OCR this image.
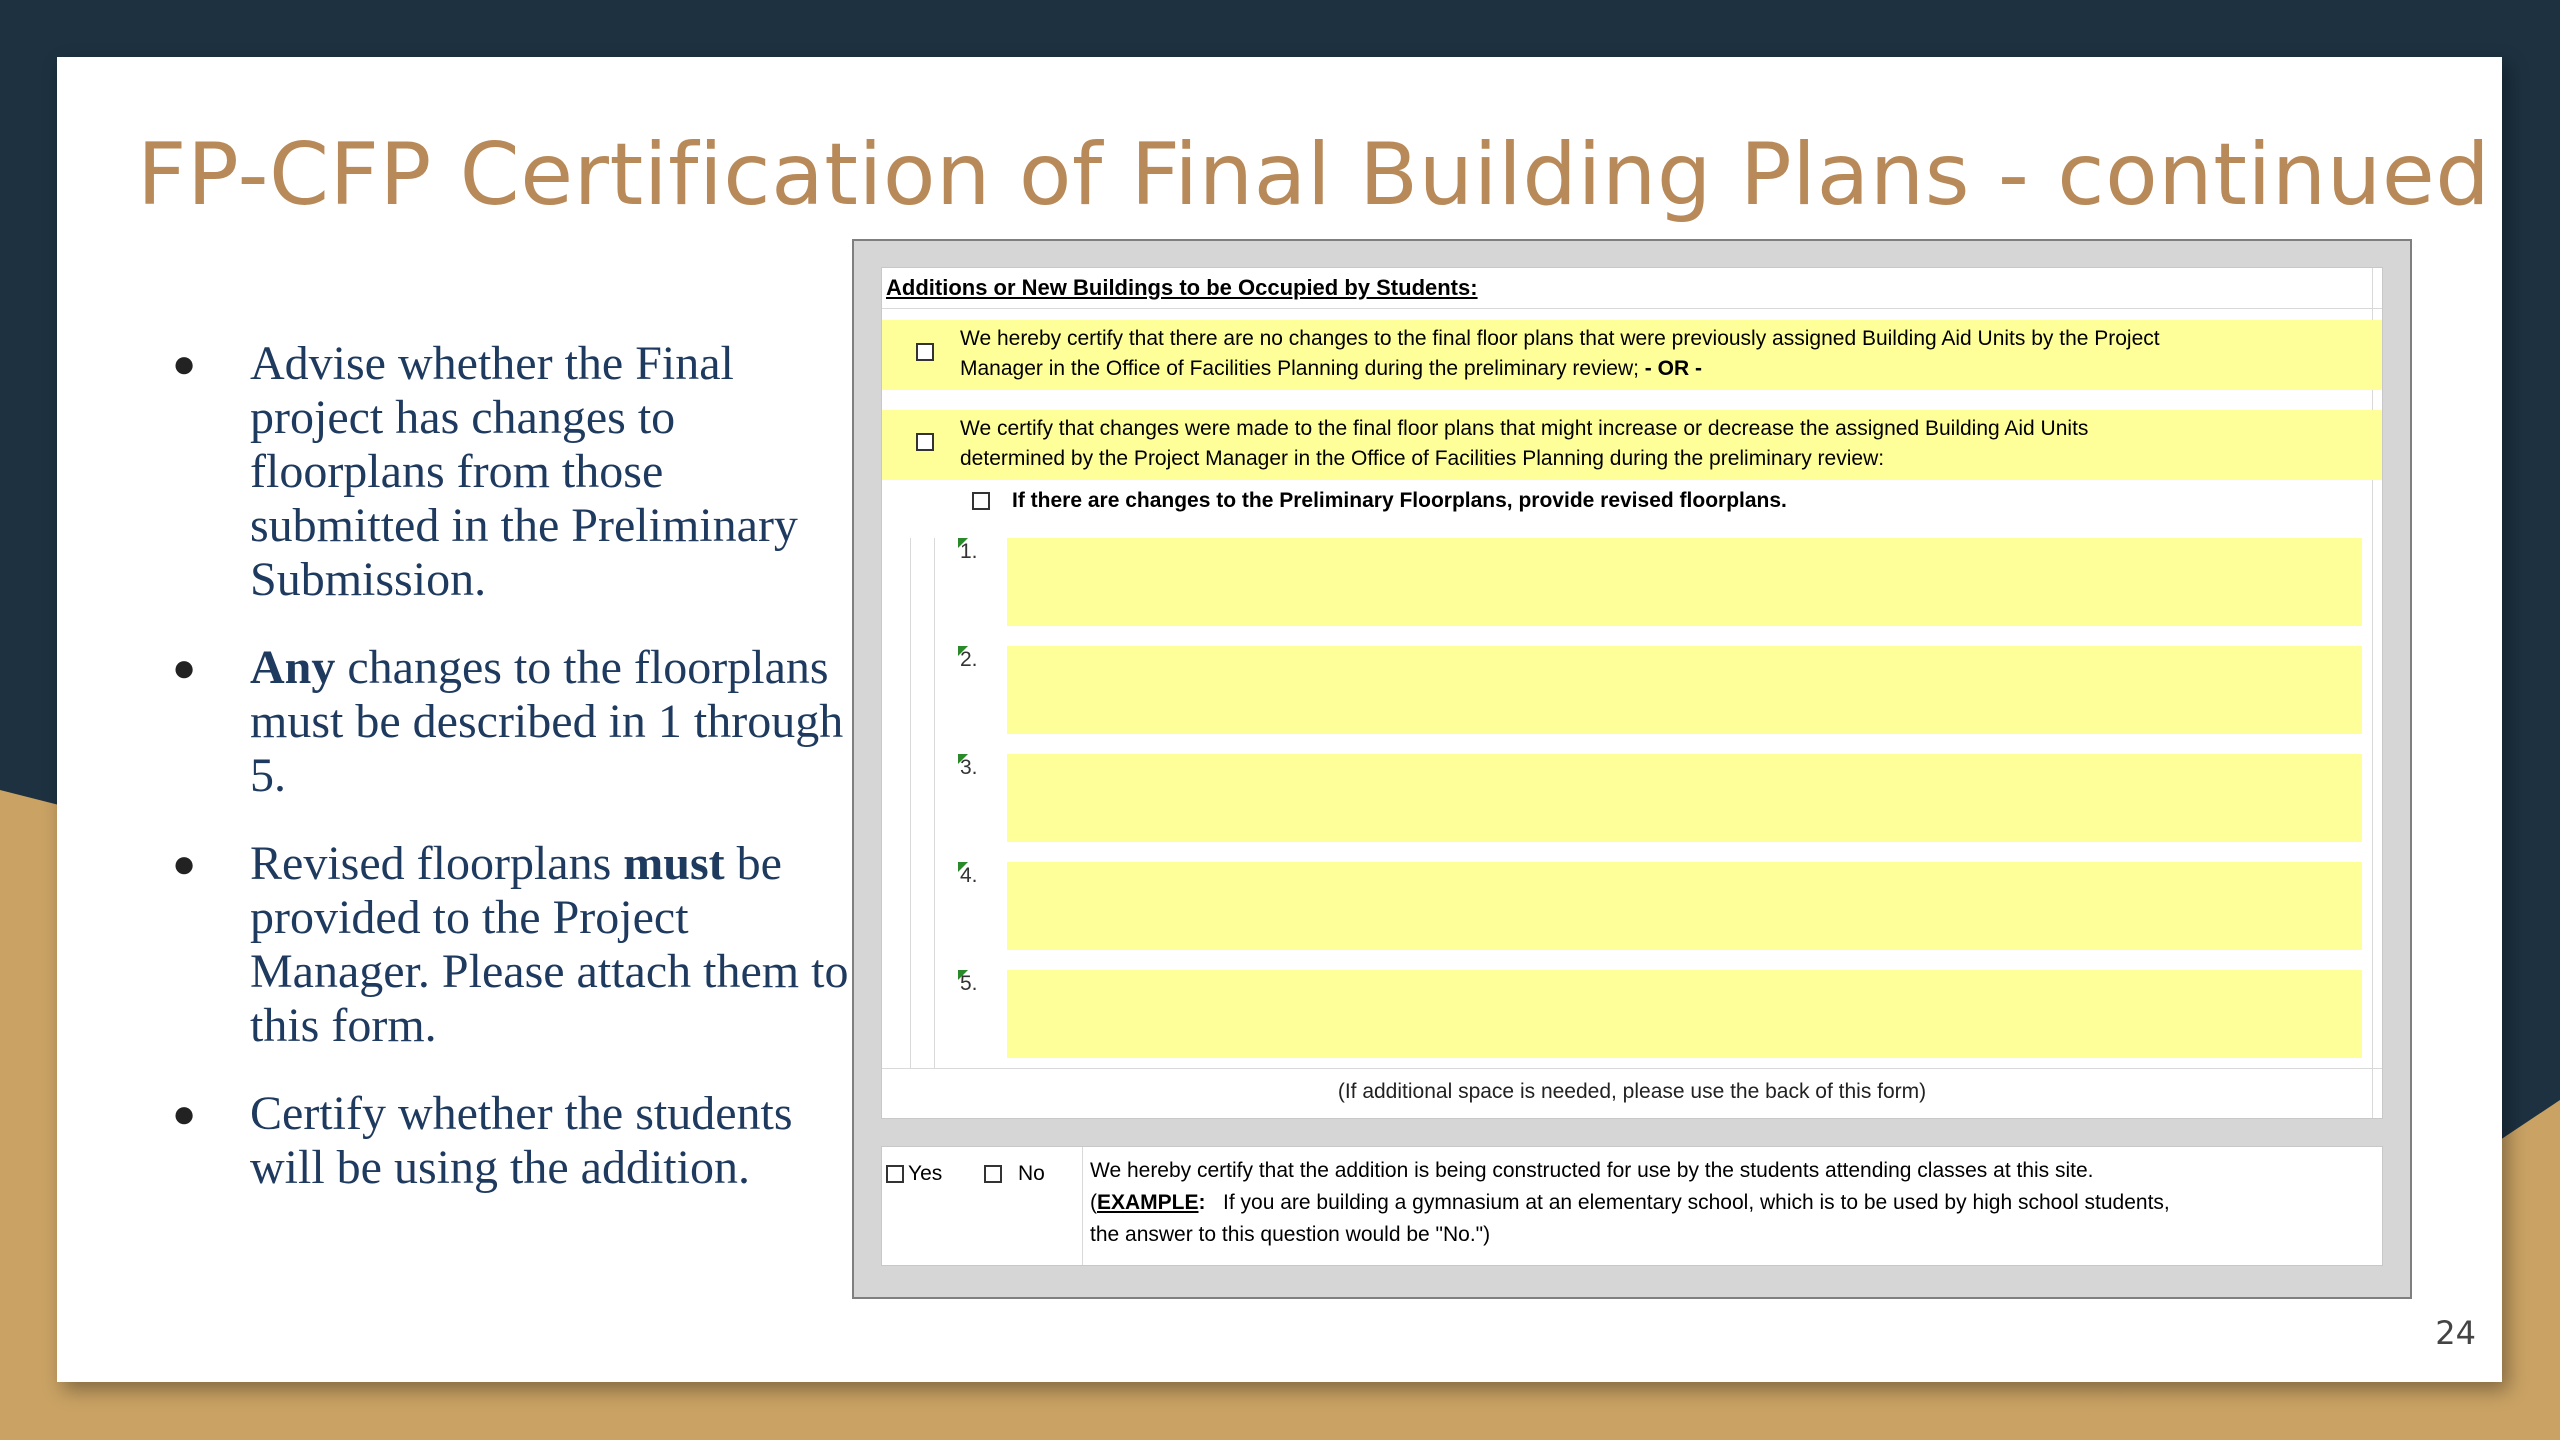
FP-CFP Certification of Final Building Plans - continued
● Advise whether the Final project has changes to floorplans from those submitted in the Preliminary Submission.
● Any changes to the floorplans must be described in 1 through 5.
● Revised floorplans must be provided to the Project Manager. Please attach them to this form.
● Certify whether the students will be using the addition.
Additions or New Buildings to be Occupied by Students:
We hereby certify that there are no changes to the final floor plans that were previously assigned Building Aid Units by the Project
Manager in the Office of Facilities Planning during the preliminary review; - OR -
We certify that changes were made to the final floor plans that might increase or decrease the assigned Building Aid Units
determined by the Project Manager in the Office of Facilities Planning during the preliminary review:
If there are changes to the Preliminary Floorplans, provide revised floorplans.
1.
2.
3.
4.
5.
(If additional space is needed, please use the back of this form)
Yes	No We hereby certify that the addition is being constructed for use by the students attending classes at this site.
(EXAMPLE: If you are building a gymnasium at an elementary school, which is to be used by high school students,
the answer to this question would be "No.")
24
